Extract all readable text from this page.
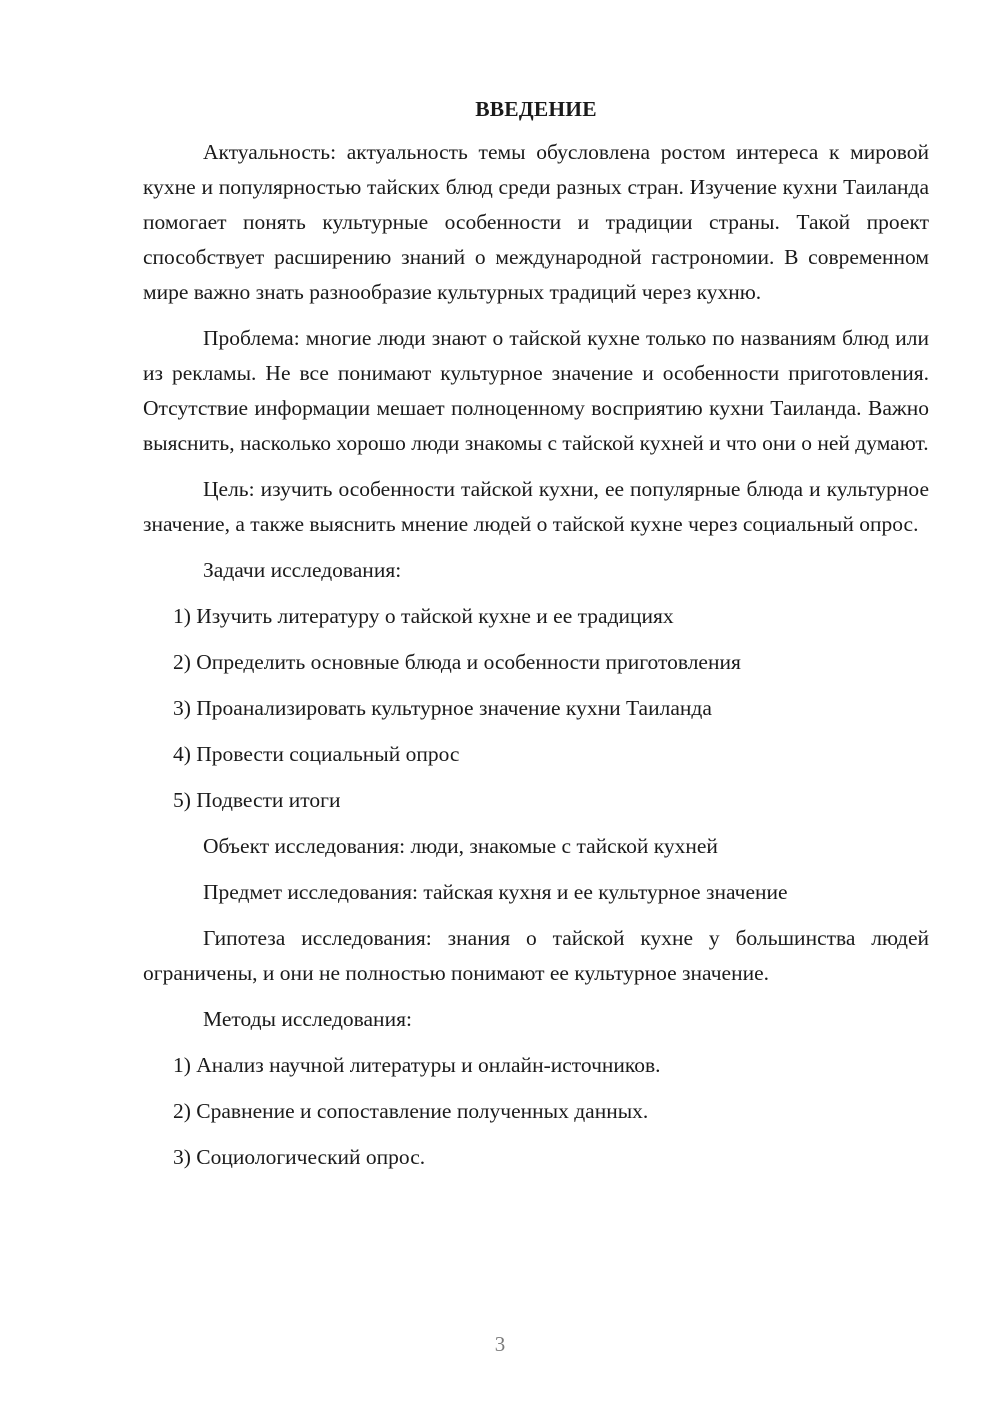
ВВЕДЕНИЕ

Актуальность: актуальность темы обусловлена ростом интереса к мировой кухне и популярностью тайских блюд среди разных стран. Изучение кухни Таиланда помогает понять культурные особенности и традиции страны. Такой проект способствует расширению знаний о международной гастрономии. В современном мире важно знать разнообразие культурных традиций через кухню.

Проблема: многие люди знают о тайской кухне только по названиям блюд или из рекламы. Не все понимают культурное значение и особенности приготовления. Отсутствие информации мешает полноценному восприятию кухни Таиланда. Важно выяснить, насколько хорошо люди знакомы с тайской кухней и что они о ней думают.

Цель: изучить особенности тайской кухни, ее популярные блюда и культурное значение, а также выяснить мнение людей о тайской кухне через социальный опрос.

Задачи исследования:
1) Изучить литературу о тайской кухне и ее традициях
2) Определить основные блюда и особенности приготовления
3) Проанализировать культурное значение кухни Таиланда
4) Провести социальный опрос
5) Подвести итоги
Объект исследования: люди, знакомые с тайской кухней
Предмет исследования: тайская кухня и ее культурное значение

Гипотеза исследования: знания о тайской кухне у большинства людей ограничены, и они не полностью понимают ее культурное значение.

Методы исследования:
1) Анализ научной литературы и онлайн-источников.
2) Сравнение и сопоставление полученных данных.
3) Социологический опрос.
3
